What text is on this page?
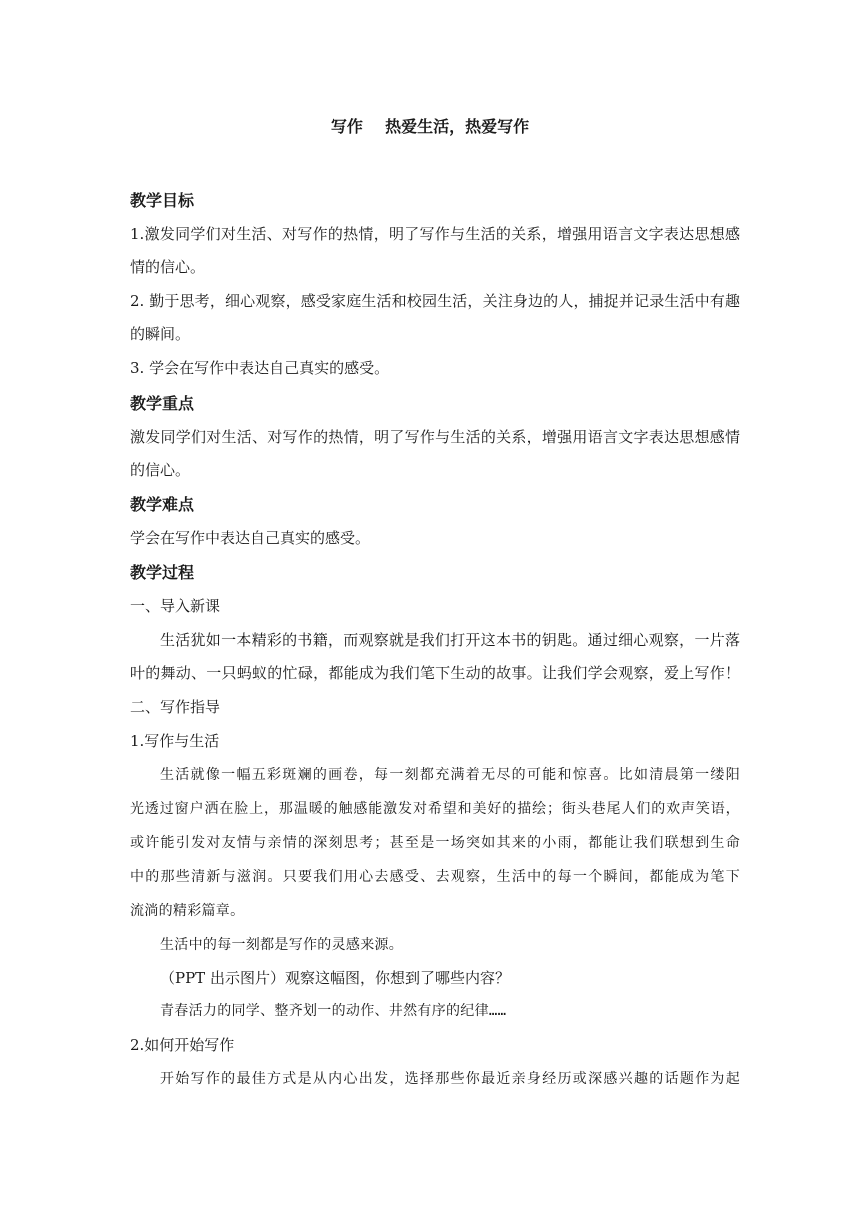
写作    热爱生活，热爱写作
教学目标
1.激发同学们对生活、对写作的热情，明了写作与生活的关系，增强用语言文字表达思想感
情的信心。
2. 勤于思考，细心观察，感受家庭生活和校园生活，关注身边的人，捕捉并记录生活中有趣
的瞬间。
3. 学会在写作中表达自己真实的感受。
教学重点
激发同学们对生活、对写作的热情，明了写作与生活的关系，增强用语言文字表达思想感情
的信心。
教学难点
学会在写作中表达自己真实的感受。
教学过程
一、导入新课
生活犹如一本精彩的书籍，而观察就是我们打开这本书的钥匙。通过细心观察，一片落
叶的舞动、一只蚂蚁的忙碌，都能成为我们笔下生动的故事。让我们学会观察，爱上写作！
二、写作指导
1.写作与生活
生活就像一幅五彩斑斓的画卷，每一刻都充满着无尽的可能和惊喜。比如清晨第一缕阳
光透过窗户洒在脸上，那温暖的触感能激发对希望和美好的描绘；街头巷尾人们的欢声笑语，
或许能引发对友情与亲情的深刻思考；甚至是一场突如其来的小雨，都能让我们联想到生命
中的那些清新与滋润。只要我们用心去感受、去观察，生活中的每一个瞬间，都能成为笔下
流淌的精彩篇章。
生活中的每一刻都是写作的灵感来源。
（PPT 出示图片）观察这幅图，你想到了哪些内容？
青春活力的同学、整齐划一的动作、井然有序的纪律……
2.如何开始写作
开始写作的最佳方式是从内心出发，选择那些你最近亲身经历或深感兴趣的话题作为起
